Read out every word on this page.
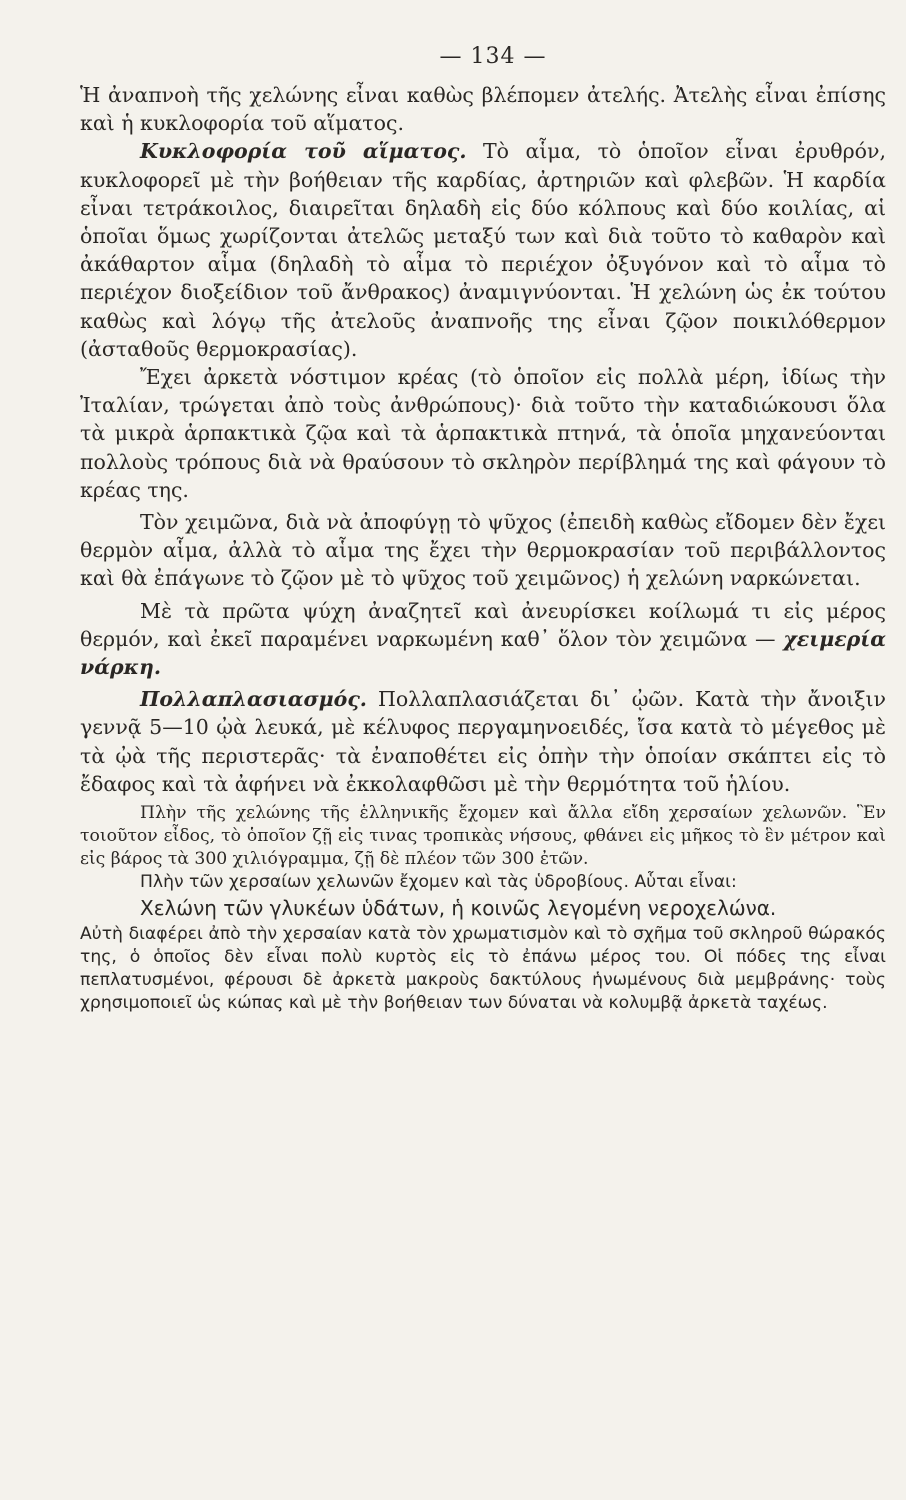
— 134 —

Ἡ ἀναπνοὴ τῆς χελώνης εἶναι καθὼς βλέπομεν ἀτελής. Ἀτελὴς εἶναι ἐπίσης καὶ ἡ κυκλοφορία τοῦ αἵματος.

Κυκλοφορία τοῦ αἵματος. Τὸ αἷμα, τὸ ὁποῖον εἶναι ἐρυθρόν, κυκλοφορεῖ μὲ τὴν βοήθειαν τῆς καρδίας, ἀρτηριῶν καὶ φλεβῶν. Ἡ καρδία εἶναι τετράκοιλος, διαιρεῖται δηλαδὴ εἰς δύο κόλπους καὶ δύο κοιλίας, αἱ ὁποῖαι ὅμως χωρίζονται ἀτελῶς μεταξύ των καὶ διὰ τοῦτο τὸ καθαρὸν καὶ ἀκάθαρτον αἷμα (δηλαδὴ τὸ αἷμα τὸ περιέχον ὀξυγόνον καὶ τὸ αἷμα τὸ περιέχον διοξείδιον τοῦ ἄνθρακος) ἀναμιγνύονται. Ἡ χελώνη ὡς ἐκ τούτου καθὼς καὶ λόγῳ τῆς ἀτελοῦς ἀναπνοῆς της εἶναι ζῷον ποικιλόθερμον (ἀσταθοῦς θερμοκρασίας).

Ἔχει ἀρκετὰ νόστιμον κρέας (τὸ ὁποῖον εἰς πολλὰ μέρη, ἰδίως τὴν Ἰταλίαν, τρώγεται ἀπὸ τοὺς ἀνθρώπους)· διὰ τοῦτο τὴν καταδιώκουσι ὅλα τὰ μικρὰ ἁρπακτικὰ ζῷα καὶ τὰ ἁρπακτικὰ πτηνά, τὰ ὁποῖα μηχανεύονται πολλοὺς τρόπους διὰ νὰ θραύσουν τὸ σκληρὸν περίβλημά της καὶ φάγουν τὸ κρέας της.

Τὸν χειμῶνα, διὰ νὰ ἀποφύγῃ τὸ ψῦχος (ἐπειδὴ καθὼς εἴδομεν δὲν ἔχει θερμὸν αἷμα, ἀλλὰ τὸ αἷμα της ἔχει τὴν θερμοκρασίαν τοῦ περιβάλλοντος καὶ θὰ ἐπάγωνε τὸ ζῷον μὲ τὸ ψῦχος τοῦ χειμῶνος) ἡ χελώνη ναρκώνεται.

Μὲ τὰ πρῶτα ψύχη ἀναζητεῖ καὶ ἀνευρίσκει κοίλωμά τι εἰς μέρος θερμόν, καὶ ἐκεῖ παραμένει ναρκωμένη καθ᾽ ὅλον τὸν χειμῶνα — χειμερία νάρκη.

Πολλαπλασιασμός. Πολλαπλασιάζεται δι᾽ ᾠῶν. Κατὰ τὴν ἄνοιξιν γεννᾷ 5—10 ᾠὰ λευκά, μὲ κέλυφος περγαμηνοειδές, ἴσα κατὰ τὸ μέγεθος μὲ τὰ ᾠὰ τῆς περιστερᾶς· τὰ ἐναποθέτει εἰς ὀπὴν τὴν ὁποίαν σκάπτει εἰς τὸ ἔδαφος καὶ τὰ ἀφήνει νὰ ἐκκολαφθῶσι μὲ τὴν θερμότητα τοῦ ἡλίου.

Πλὴν τῆς χελώνης τῆς ἑλληνικῆς ἔχομεν καὶ ἄλλα εἴδη χερσαίων χελωνῶν. Ἓν τοιοῦτον εἶδος, τὸ ὁποῖον ζῇ εἰς τινας τροπικὰς νήσους, φθάνει εἰς μῆκος τὸ ἓν μέτρον καὶ εἰς βάρος τὰ 300 χιλιόγραμμα, ζῇ δὲ πλέον τῶν 300 ἐτῶν.

Πλὴν τῶν χερσαίων χελωνῶν ἔχομεν καὶ τὰς ὑδροβίους. Αὗται εἶναι:

Χελώνη τῶν γλυκέων ὑδάτων, ἡ κοινῶς λεγομένη νεροχελώνα.

Αὐτὴ διαφέρει ἀπὸ τὴν χερσαίαν κατὰ τὸν χρωματισμὸν καὶ τὸ σχῆμα τοῦ σκληροῦ θώρακός της, ὁ ὁποῖος δὲν εἶναι πολὺ κυρτὸς εἰς τὸ ἐπάνω μέρος του. Οἱ πόδες της εἶναι πεπλατυσμένοι, φέρουσι δὲ ἀρκετὰ μακροὺς δακτύλους ἡνωμένους διὰ μεμβράνης· τοὺς χρησιμοποιεῖ ὡς κώπας καὶ μὲ τὴν βοήθειαν των δύναται νὰ κολυμβᾷ ἀρκετὰ ταχέως.
